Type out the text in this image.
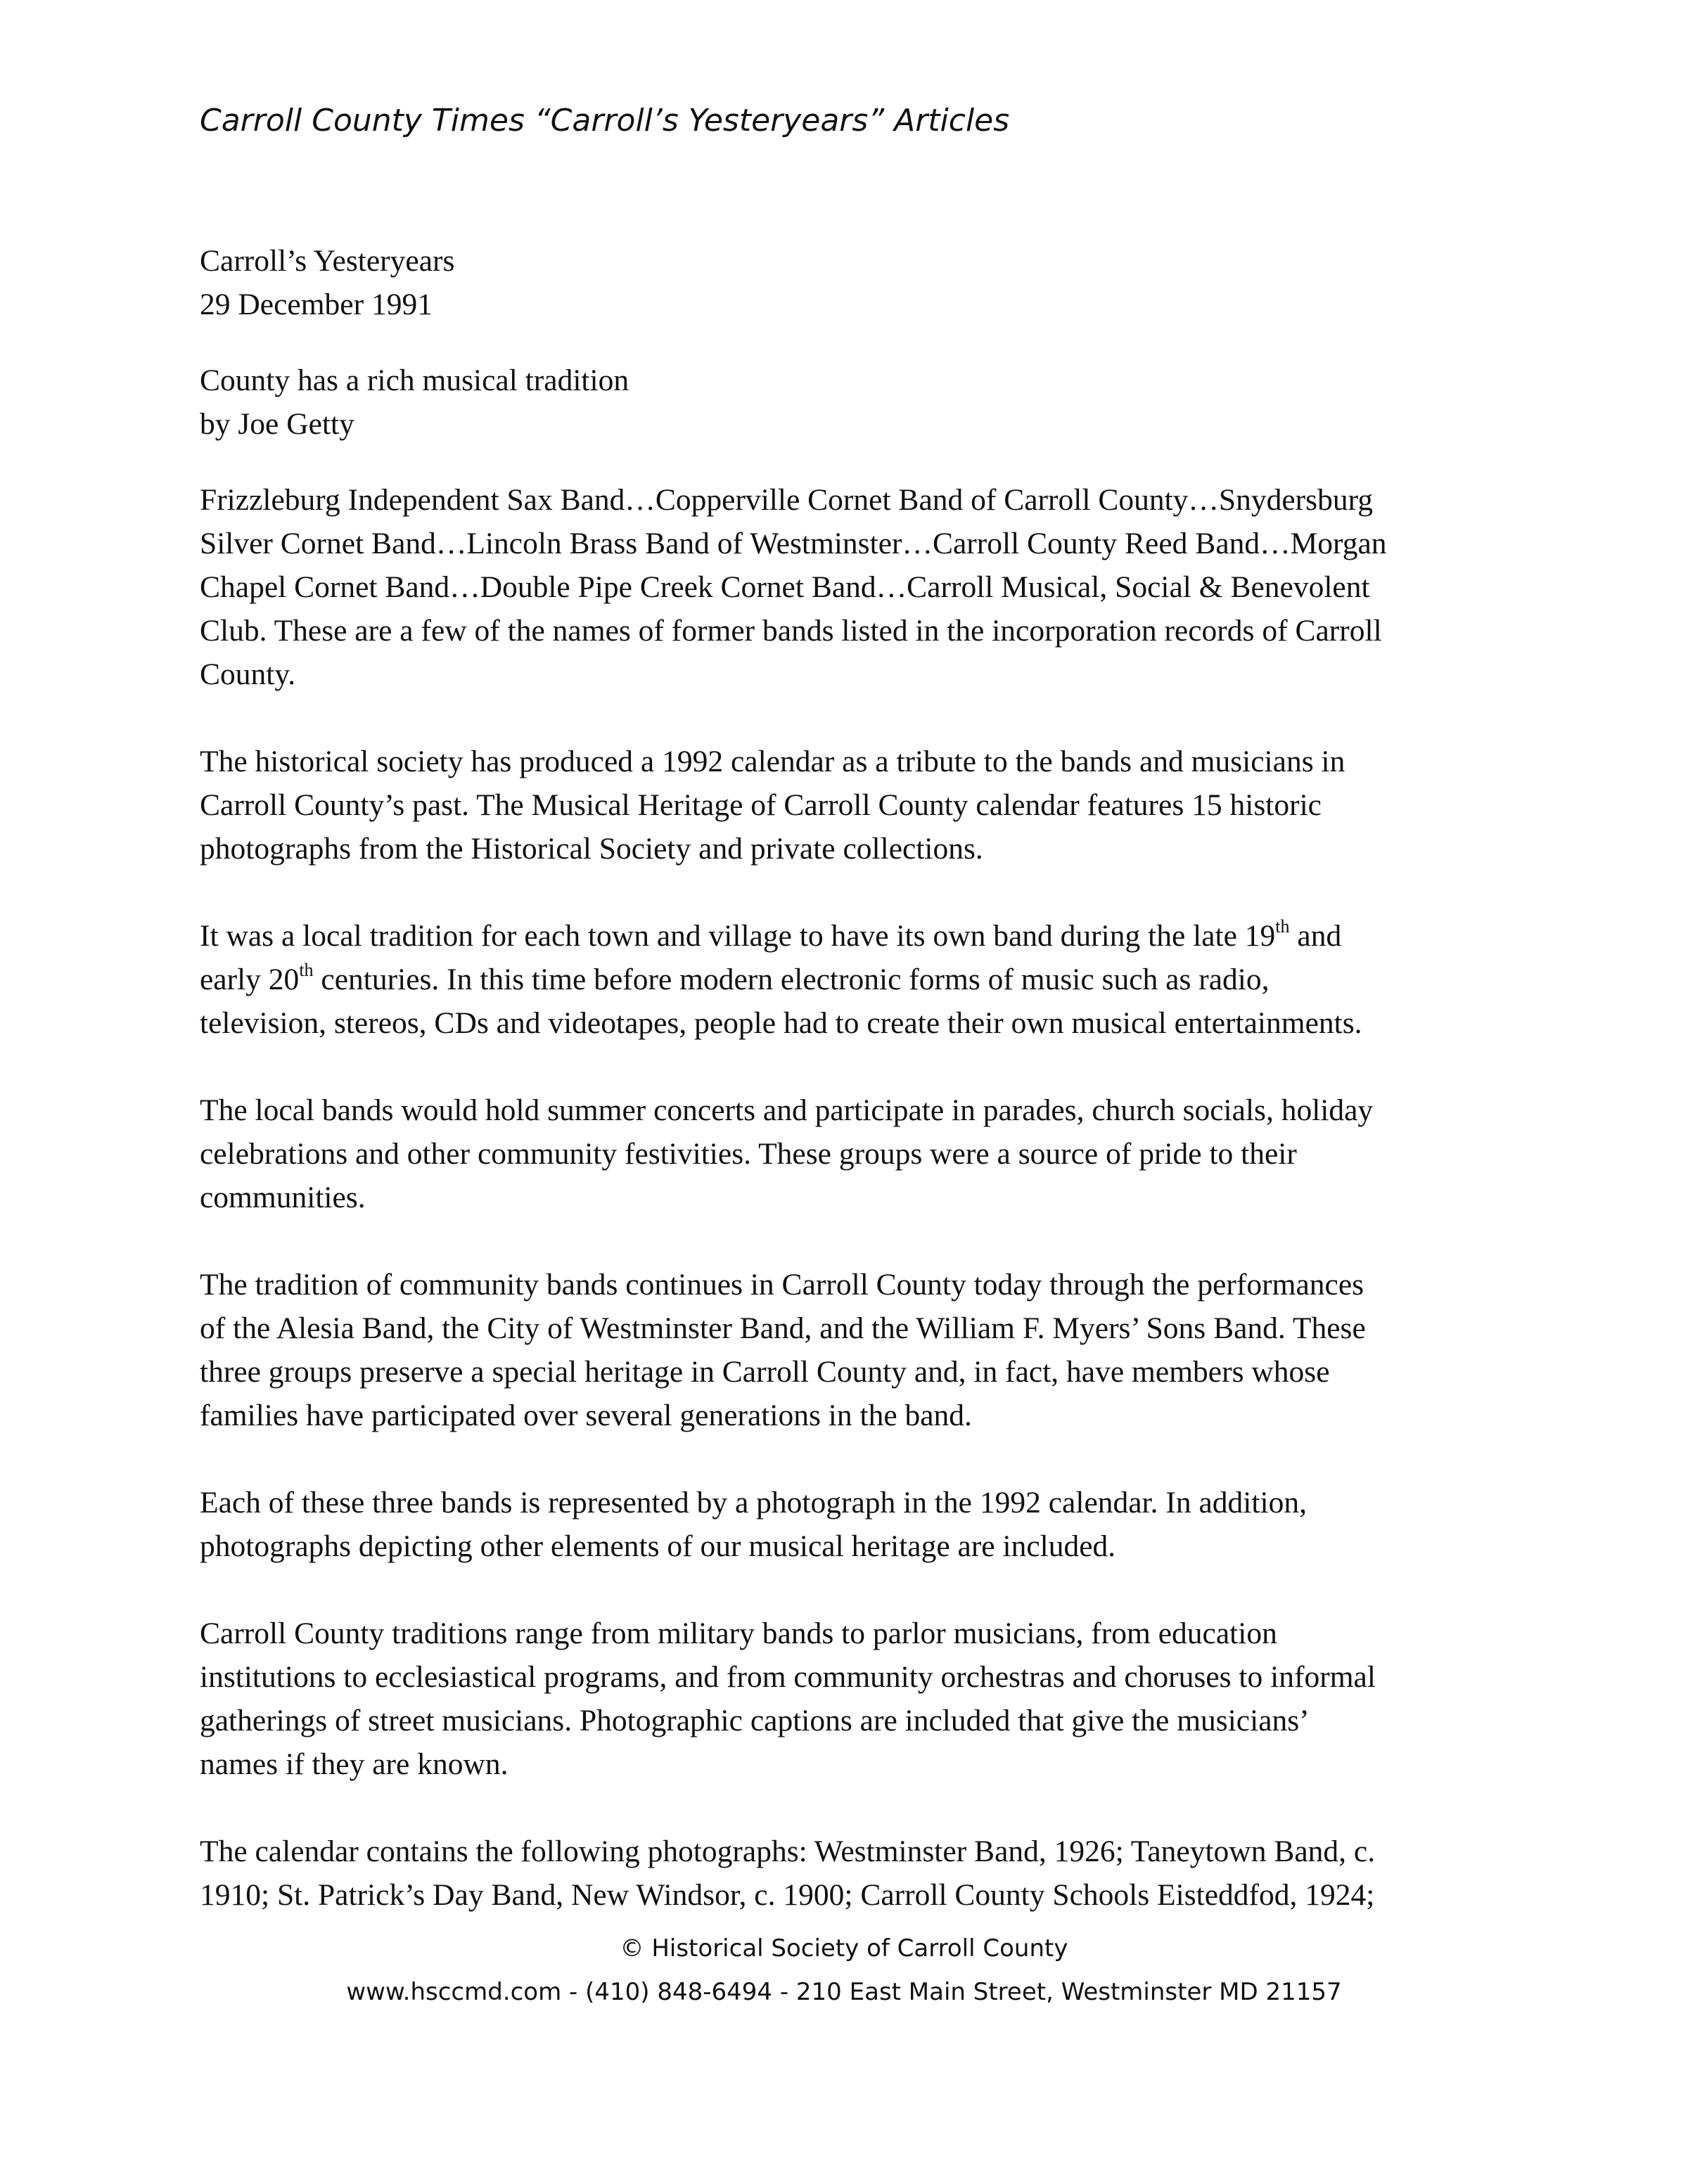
Carroll County Times “Carroll’s Yesteryears” Articles

Carroll’s Yesteryears
29 December 1991

County has a rich musical tradition
by Joe Getty

Frizzleburg Independent Sax Band…Copperville Cornet Band of Carroll County…Snydersburg
Silver Cornet Band…Lincoln Brass Band of Westminster…Carroll County Reed Band…Morgan
Chapel Cornet Band…Double Pipe Creek Cornet Band…Carroll Musical, Social & Benevolent
Club. These are a few of the names of former bands listed in the incorporation records of Carroll
County.

The historical society has produced a 1992 calendar as a tribute to the bands and musicians in
Carroll County’s past. The Musical Heritage of Carroll County calendar features 15 historic
photographs from the Historical Society and private collections.

It was a local tradition for each town and village to have its own band during the late 19th and
early 20th centuries. In this time before modern electronic forms of music such as radio,
television, stereos, CDs and videotapes, people had to create their own musical entertainments.

The local bands would hold summer concerts and participate in parades, church socials, holiday
celebrations and other community festivities. These groups were a source of pride to their
communities.

The tradition of community bands continues in Carroll County today through the performances
of the Alesia Band, the City of Westminster Band, and the William F. Myers’ Sons Band. These
three groups preserve a special heritage in Carroll County and, in fact, have members whose
families have participated over several generations in the band.

Each of these three bands is represented by a photograph in the 1992 calendar. In addition,
photographs depicting other elements of our musical heritage are included.

Carroll County traditions range from military bands to parlor musicians, from education
institutions to ecclesiastical programs, and from community orchestras and choruses to informal
gatherings of street musicians. Photographic captions are included that give the musicians’
names if they are known.

The calendar contains the following photographs: Westminster Band, 1926; Taneytown Band, c.
1910; St. Patrick’s Day Band, New Windsor, c. 1900; Carroll County Schools Eisteddfod, 1924;

© Historical Society of Carroll County
www.hsccmd.com - (410) 848-6494 - 210 East Main Street, Westminster MD 21157
